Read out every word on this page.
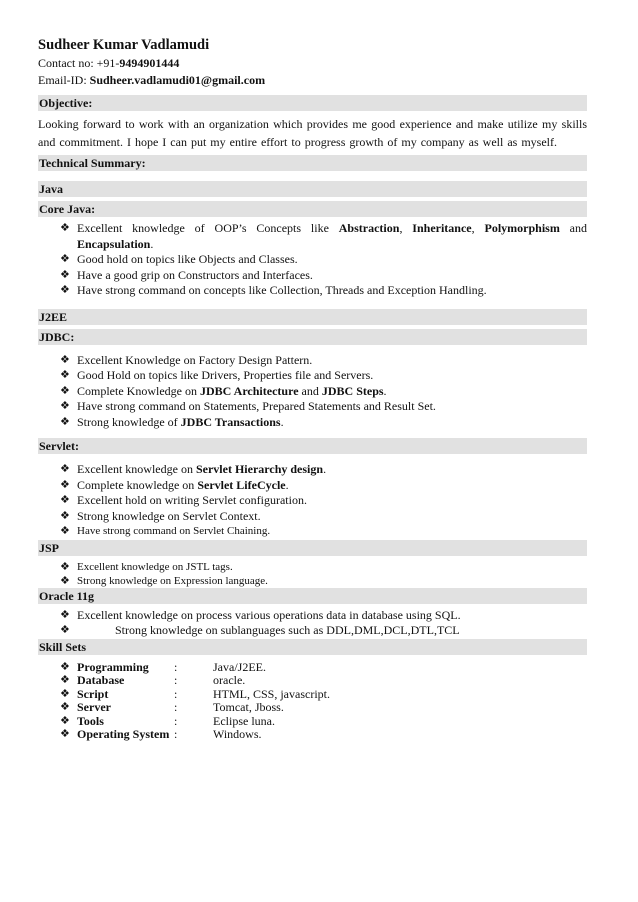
Sudheer Kumar Vadlamudi
Contact no: +91-9494901444
Email-ID: Sudheer.vadlamudi01@gmail.com
Objective:
Looking forward to work with an organization which provides me good experience and make utilize my skills and commitment. I hope I can put my entire effort to progress growth of my company as well as myself.
Technical Summary:
Java
Core Java:
❖ Excellent knowledge of OOP’s Concepts like Abstraction, Inheritance, Polymorphism and Encapsulation.
❖ Good hold on topics like Objects and Classes.
❖ Have a good grip on Constructors and Interfaces.
❖ Have strong command on concepts like Collection, Threads and Exception Handling.
J2EE
JDBC:
❖ Excellent Knowledge on Factory Design Pattern.
❖ Good Hold on topics like Drivers, Properties file and Servers.
❖ Complete Knowledge on JDBC Architecture and JDBC Steps.
❖ Have strong command on Statements, Prepared Statements and Result Set.
❖ Strong knowledge of JDBC Transactions.
Servlet:
❖ Excellent knowledge on Servlet Hierarchy design.
❖ Complete knowledge on Servlet LifeCycle.
❖ Excellent hold on writing Servlet configuration.
❖ Strong knowledge on Servlet Context.
❖ Have strong command on Servlet Chaining.
JSP
❖ Excellent knowledge on JSTL tags.
❖ Strong knowledge on Expression language.
Oracle 11g
❖ Excellent knowledge on process various operations data in database using SQL.
❖	Strong knowledge on sublanguages such as DDL,DML,DCL,DTL,TCL
Skill Sets
❖ Programming	:	Java/J2EE.
❖ Database	:	oracle.
❖ Script	:	HTML, CSS, javascript.
❖ Server	:	Tomcat, Jboss.
❖ Tools	:	Eclipse luna.
❖ Operating System :	Windows.
